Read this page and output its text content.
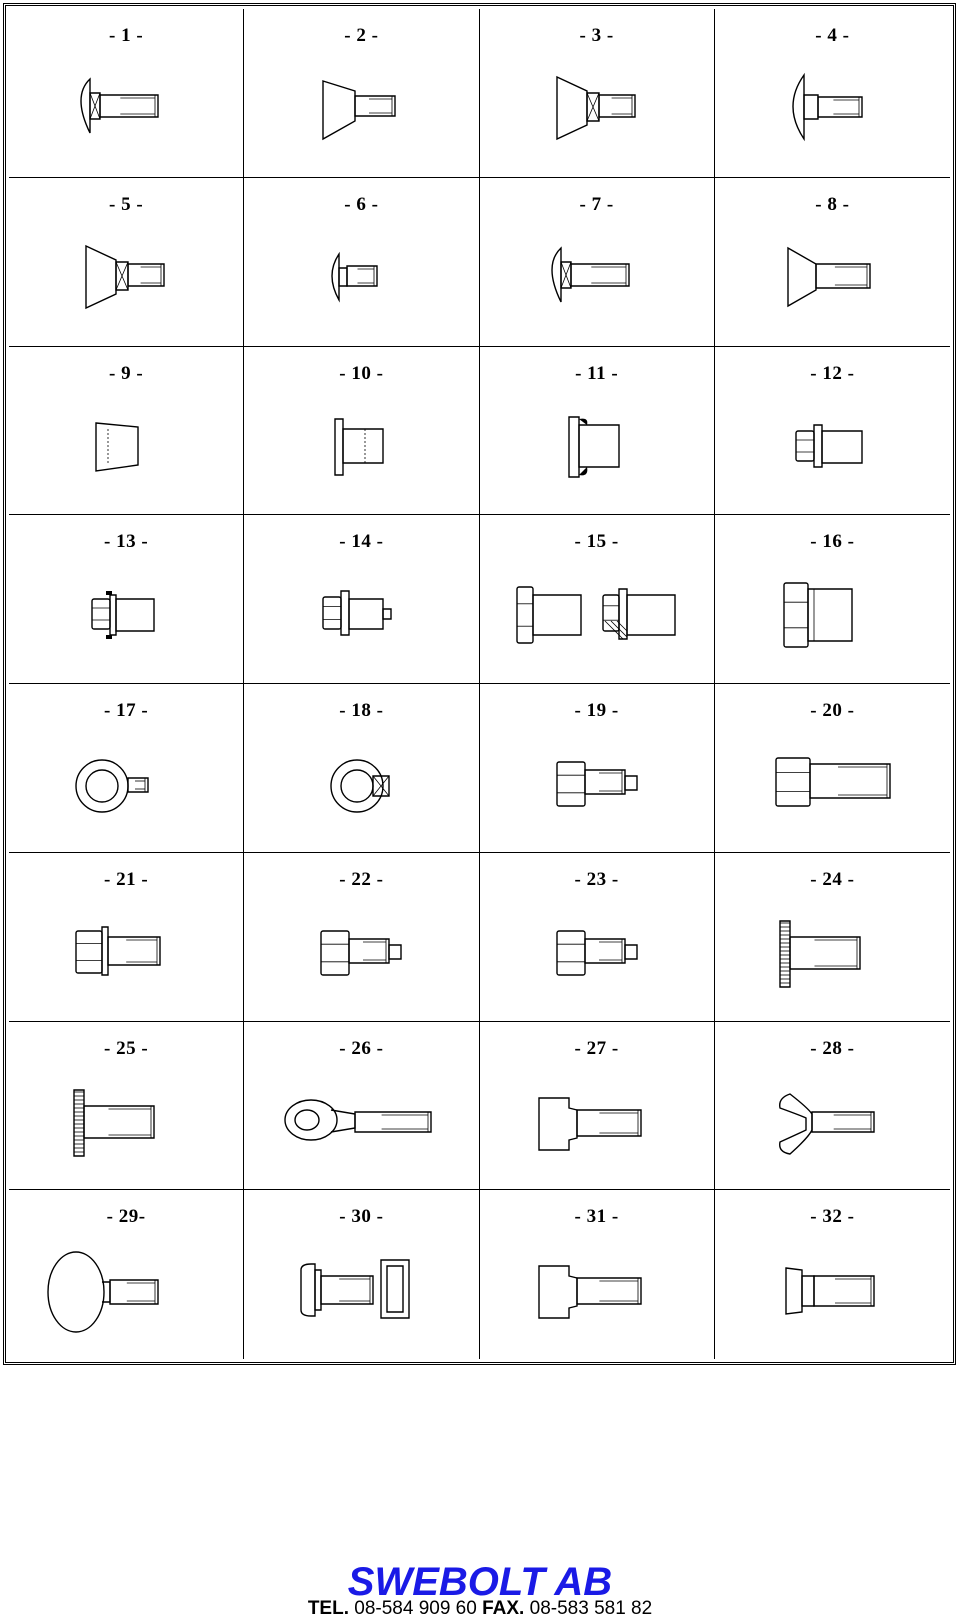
- 1 -	- 2 -	- 3 -	- 4 -
- 5 -	- 6 -	- 7 -	- 8 -
- 9 -	- 10 -	- 11 -	- 12 -
- 13 -	- 14 -	- 15 -	- 16 -
- 17 -	- 18 -	- 19 -	- 20 -
- 21 -	- 22 -	- 23 -	- 24 -
- 25 -	- 26 -	- 27 -	- 28 -
- 29-	- 30 -	- 31 -	- 32 -
SWEBOLT AB
TEL. 08-584 909 60 FAX. 08-583 581 82
